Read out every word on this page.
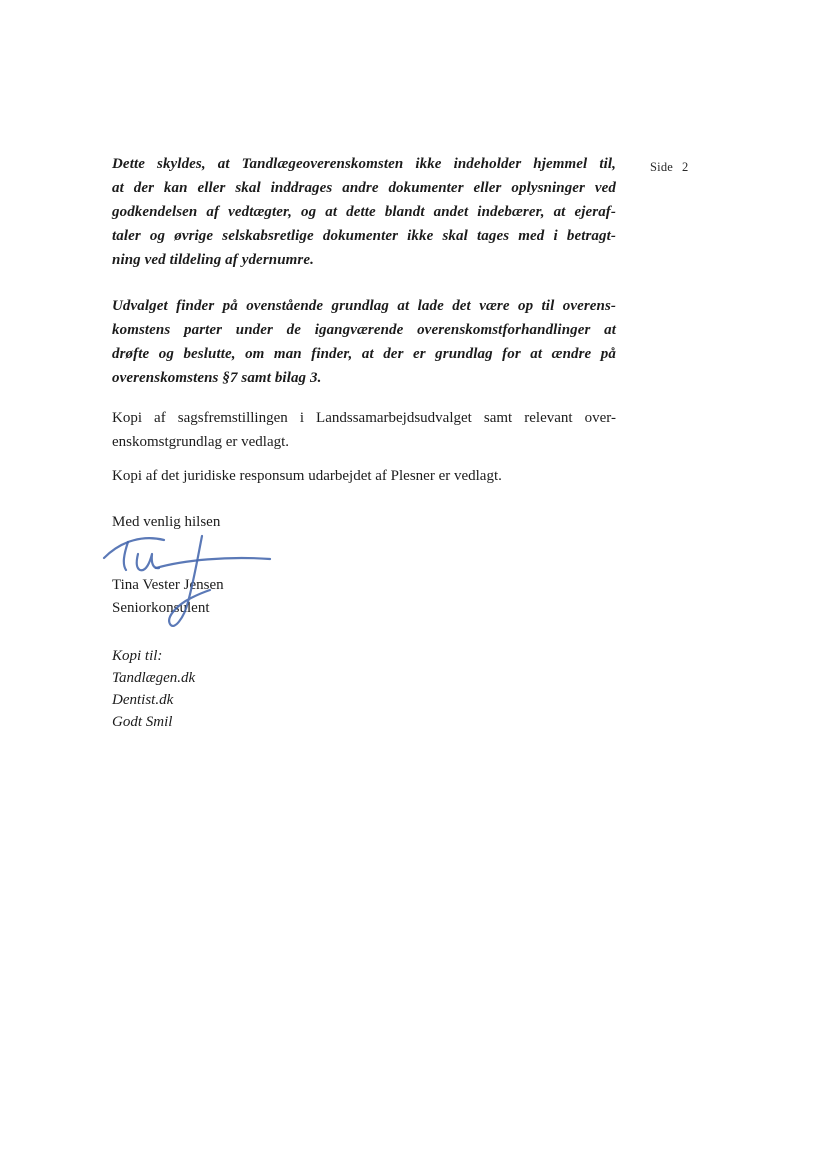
Side 2
Dette skyldes, at Tandlægeoverenskomsten ikke indeholder hjemmel til,
at der kan eller skal inddrages andre dokumenter eller oplysninger ved
godkendelsen af vedtægter, og at dette blandt andet indebærer, at ejeraf-
taler og øvrige selskabsretlige dokumenter ikke skal tages med i betragt-
ning ved tildeling af ydernumre.
Udvalget finder på ovenstående grundlag at lade det være op til overens-
komstens parter under de igangværende overenskomstforhandlinger at
drøfte og beslutte, om man finder, at der er grundlag for at ændre på
overenskomstens §7 samt bilag 3.
Kopi af sagsfremstillingen i Landssamarbejdsudvalget samt relevant over-
enskomstgrundlag er vedlagt.
Kopi af det juridiske responsum udarbejdet af Plesner er vedlagt.
Med venlig hilsen
Tina Vester Jensen
Seniorkonsulent
Kopi til:
Tandlægen.dk
Dentist.dk
Godt Smil
